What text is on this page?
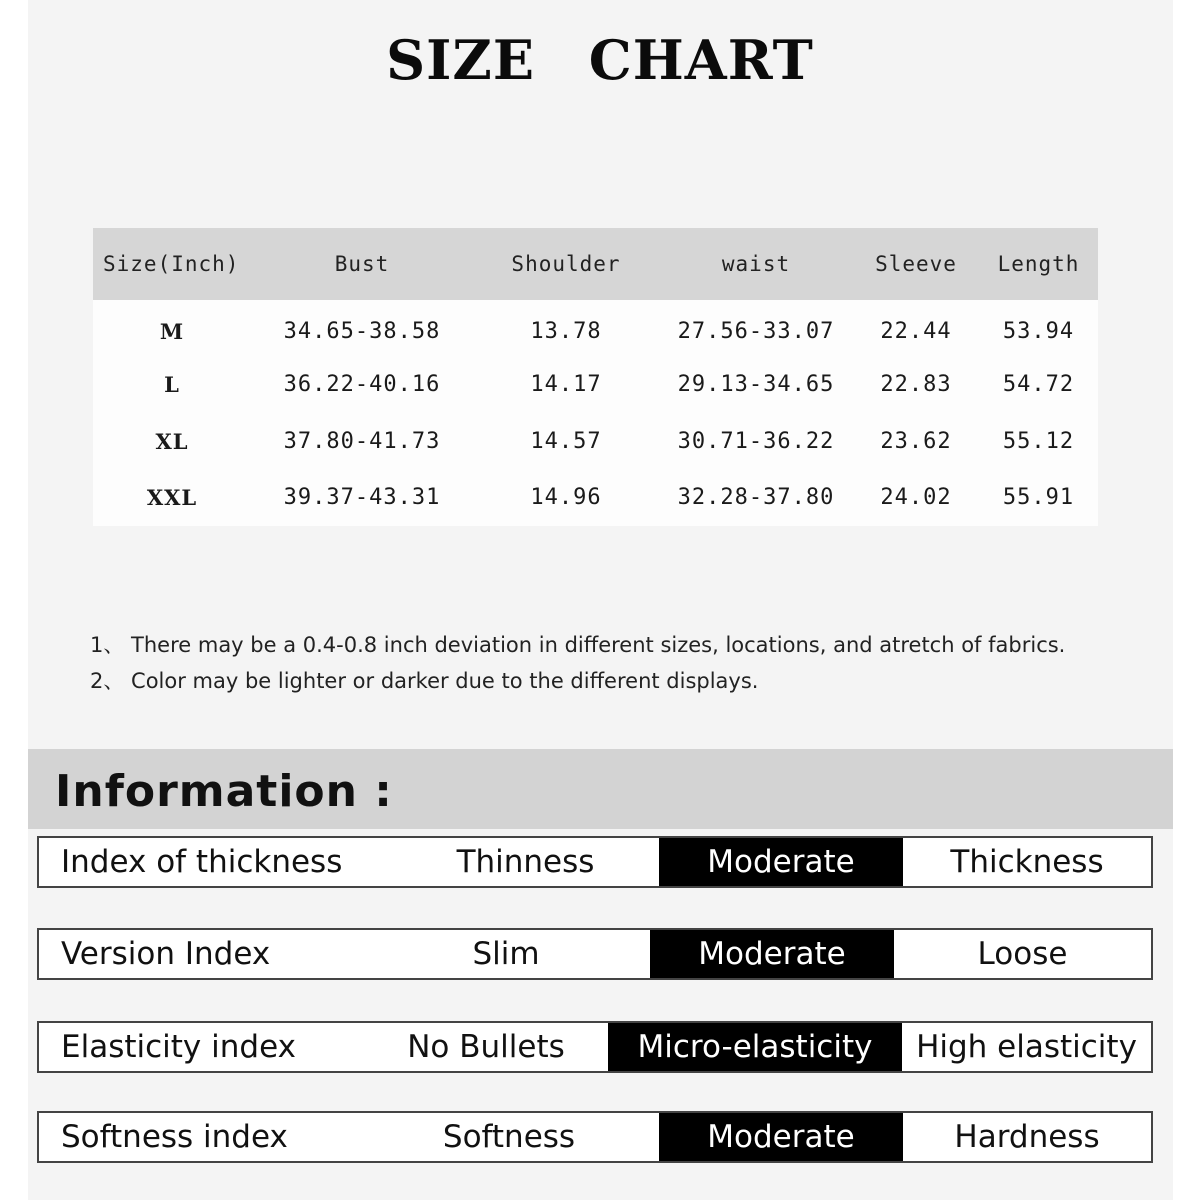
SIZE CHART
Size(Inch)	Bust	Shoulder	waist	Sleeve	Length
M	34.65-38.58	13.78	27.56-33.07	22.44	53.94
L	36.22-40.16	14.17	29.13-34.65	22.83	54.72
XL	37.80-41.73	14.57	30.71-36.22	23.62	55.12
XXL	39.37-43.31	14.96	32.28-37.80	24.02	55.91
1、 There may be a 0.4-0.8 inch deviation in different sizes, locations, and atretch of fabrics.
2、 Color may be lighter or darker due to the different displays.
Information :
Index of thickness	Thinness	Moderate	Thickness
Version Index	Slim	Moderate	Loose
Elasticity index	No Bullets	Micro-elasticity	High elasticity
Softness index	Softness	Moderate	Hardness
